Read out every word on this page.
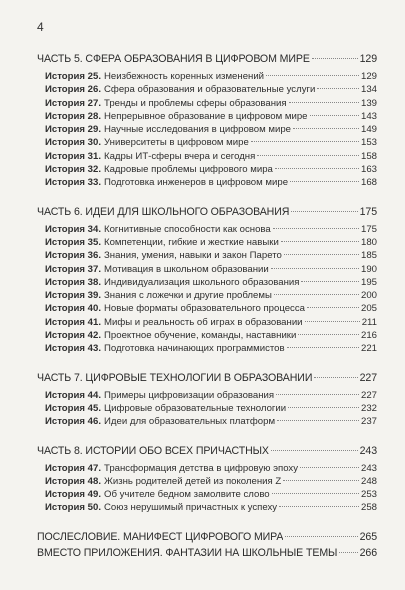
4
ЧАСТЬ 5. СФЕРА ОБРАЗОВАНИЯ В ЦИФРОВОМ МИРЕ	129
История 25. Неизбежность коренных изменений	129
История 26. Сфера образования и образовательные услуги	134
История 27. Тренды и проблемы сферы образования	139
История 28. Непрерывное образование в цифровом мире	143
История 29. Научные исследования в цифровом мире	149
История 30. Университеты в цифровом мире	153
История 31. Кадры ИТ-сферы вчера и сегодня	158
История 32. Кадровые проблемы цифрового мира	163
История 33. Подготовка инженеров в цифровом мире	168
ЧАСТЬ 6. ИДЕИ ДЛЯ ШКОЛЬНОГО ОБРАЗОВАНИЯ	175
История 34. Когнитивные способности как основа	175
История 35. Компетенции, гибкие и жесткие навыки	180
История 36. Знания, умения, навыки и закон Парето	185
История 37. Мотивация в школьном образовании	190
История 38. Индивидуализация школьного образования	195
История 39. Знания с ложечки и другие проблемы	200
История 40. Новые форматы образовательного процесса	205
История 41. Мифы и реальность об играх в образовании	211
История 42. Проектное обучение, команды, наставники	216
История 43. Подготовка начинающих программистов	221
ЧАСТЬ 7. ЦИФРОВЫЕ ТЕХНОЛОГИИ В ОБРАЗОВАНИИ	227
История 44. Примеры цифровизации образования	227
История 45. Цифровые образовательные технологии	232
История 46. Идеи для образовательных платформ	237
ЧАСТЬ 8. ИСТОРИИ ОБО ВСЕХ ПРИЧАСТНЫХ	243
История 47. Трансформация детства в цифровую эпоху	243
История 48. Жизнь родителей детей из поколения Z	248
История 49. Об учителе бедном замолвите слово	253
История 50. Союз нерушимый причастных к успеху	258
ПОСЛЕСЛОВИЕ. МАНИФЕСТ ЦИФРОВОГО МИРА	265
ВМЕСТО ПРИЛОЖЕНИЯ. ФАНТАЗИИ НА ШКОЛЬНЫЕ ТЕМЫ 266
